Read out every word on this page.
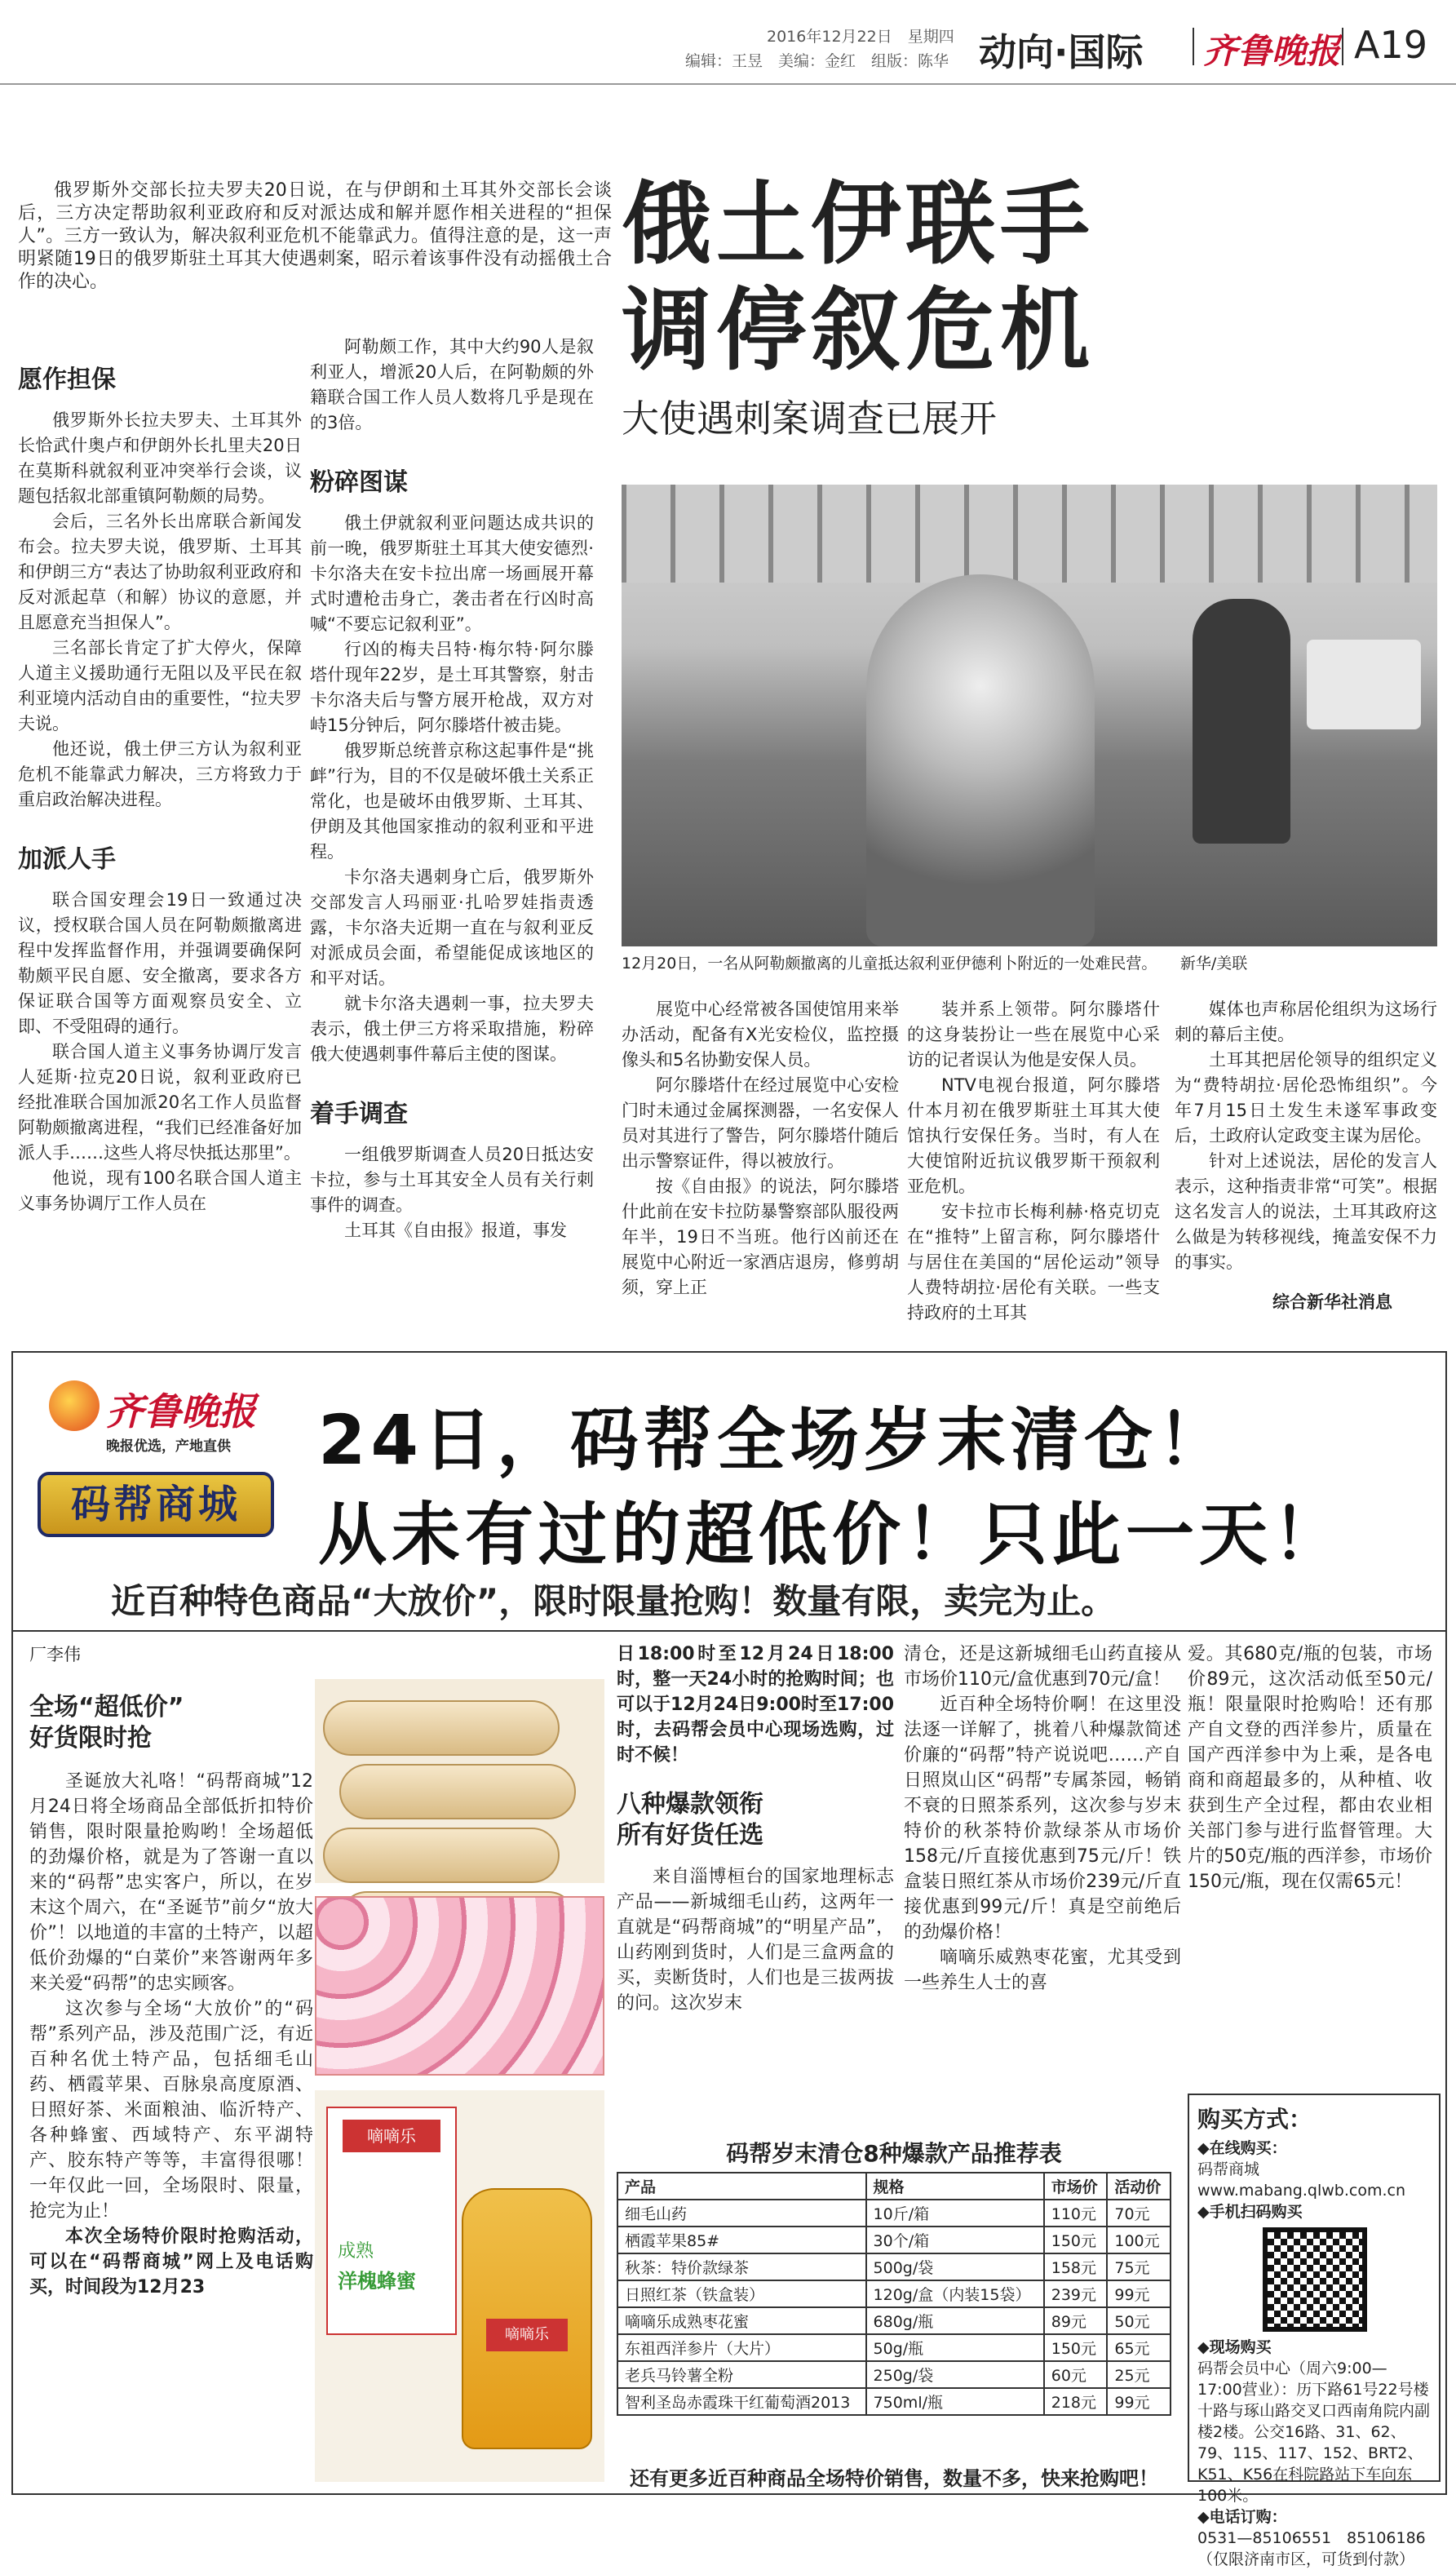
2016年12月22日　星期四
编辑：王昱　美编：金红　组版：陈华 动向·国际 齐鲁晚报 A19

俄罗斯外交部长拉夫罗夫20日说，在与伊朗和土耳其外交部长会谈后，三方决定帮助叙利亚政府和反对派达成和解并愿作相关进程的“担保人”。三方一致认为，解决叙利亚危机不能靠武力。值得注意的是，这一声明紧随19日的俄罗斯驻土耳其大使遇刺案，昭示着该事件没有动摇俄土合作的决心。

俄土伊联手
调停叙危机
大使遇刺案调查已展开
愿作担保

俄罗斯外长拉夫罗夫、土耳其外长恰武什奥卢和伊朗外长扎里夫20日在莫斯科就叙利亚冲突举行会谈，议题包括叙北部重镇阿勒颇的局势。

会后，三名外长出席联合新闻发布会。拉夫罗夫说，俄罗斯、土耳其和伊朗三方“表达了协助叙利亚政府和反对派起草（和解）协议的意愿，并且愿意充当担保人”。

三名部长肯定了扩大停火，保障人道主义援助通行无阻以及平民在叙利亚境内活动自由的重要性，“拉夫罗夫说。

他还说，俄土伊三方认为叙利亚危机不能靠武力解决，三方将致力于重启政治解决进程。

加派人手

联合国安理会19日一致通过决议，授权联合国人员在阿勒颇撤离进程中发挥监督作用，并强调要确保阿勒颇平民自愿、安全撤离，要求各方保证联合国等方面观察员安全、立即、不受阻碍的通行。

联合国人道主义事务协调厅发言人延斯·拉克20日说，叙利亚政府已经批准联合国加派20名工作人员监督阿勒颇撤离进程，“我们已经准备好加派人手……这些人将尽快抵达那里”。

他说，现有100名联合国人道主义事务协调厅工作人员在

阿勒颇工作，其中大约90人是叙利亚人，增派20人后，在阿勒颇的外籍联合国工作人员人数将几乎是现在的3倍。

粉碎图谋

俄土伊就叙利亚问题达成共识的前一晚，俄罗斯驻土耳其大使安德烈·卡尔洛夫在安卡拉出席一场画展开幕式时遭枪击身亡，袭击者在行凶时高喊“不要忘记叙利亚”。

行凶的梅夫吕特·梅尔特·阿尔滕塔什现年22岁，是土耳其警察，射击卡尔洛夫后与警方展开枪战，双方对峙15分钟后，阿尔滕塔什被击毙。

俄罗斯总统普京称这起事件是“挑衅”行为，目的不仅是破坏俄土关系正常化，也是破坏由俄罗斯、土耳其、伊朗及其他国家推动的叙利亚和平进程。

卡尔洛夫遇刺身亡后，俄罗斯外交部发言人玛丽亚·扎哈罗娃指责透露，卡尔洛夫近期一直在与叙利亚反对派成员会面，希望能促成该地区的和平对话。

就卡尔洛夫遇刺一事，拉夫罗夫表示，俄土伊三方将采取措施，粉碎俄大使遇刺事件幕后主使的图谋。

着手调查

一组俄罗斯调查人员20日抵达安卡拉，参与土耳其安全人员有关行刺事件的调查。

土耳其《自由报》报道，事发

12月20日，一名从阿勒颇撤离的儿童抵达叙利亚伊德利卜附近的一处难民营。　　新华/美联

展览中心经常被各国使馆用来举办活动，配备有X光安检仪，监控摄像头和5名协勤安保人员。

阿尔滕塔什在经过展览中心安检门时未通过金属探测器，一名安保人员对其进行了警告，阿尔滕塔什随后出示警察证件，得以被放行。

按《自由报》的说法，阿尔滕塔什此前在安卡拉防暴警察部队服役两年半，19日不当班。他行凶前还在展览中心附近一家酒店退房，修剪胡须，穿上正

装并系上领带。阿尔滕塔什的这身装扮让一些在展览中心采访的记者误认为他是安保人员。

NTV电视台报道，阿尔滕塔什本月初在俄罗斯驻土耳其大使馆执行安保任务。当时，有人在大使馆附近抗议俄罗斯干预叙利亚危机。

安卡拉市长梅利赫·格克切克在“推特”上留言称，阿尔滕塔什与居住在美国的“居伦运动”领导人费特胡拉·居伦有关联。一些支持政府的土耳其

媒体也声称居伦组织为这场行刺的幕后主使。

土耳其把居伦领导的组织定义为“费特胡拉·居伦恐怖组织”。今年7月15日土发生未遂军事政变后，土政府认定政变主谋为居伦。

针对上述说法，居伦的发言人表示，这种指责非常“可笑”。根据这名发言人的说法，土耳其政府这么做是为转移视线，掩盖安保不力的事实。

综合新华社消息
齐鲁晚报
晚报优选，产地直供
码帮商城
24日，码帮全场岁末清仓！
从未有过的超低价！只此一天！
近百种特色商品“大放价”，限时限量抢购！数量有限，卖完为止。
厂李伟
全场“超低价”
好货限时抢

圣诞放大礼咯！“码帮商城”12月24日将全场商品全部低折扣特价销售，限时限量抢购哟！全场超低的劲爆价格，就是为了答谢一直以来的“码帮”忠实客户，所以，在岁末这个周六，在“圣诞节”前夕“放大价”！以地道的丰富的土特产，以超低价劲爆的“白菜价”来答谢两年多来关爱“码帮”的忠实顾客。

这次参与全场“大放价”的“码帮”系列产品，涉及范围广泛，有近百种名优土特产品，包括细毛山药、栖霞苹果、百脉泉高度原酒、日照好茶、米面粮油、临沂特产、各种蜂蜜、西域特产、东平湖特产、胶东特产等等，丰富得很哪！一年仅此一回，全场限时、限量，抢完为止！

本次全场特价限时抢购活动，可以在“码帮商城”网上及电话购买，时间段为12月23

嘀嘀乐
成熟
洋槐蜂蜜
嘀嘀乐

日18:00时至12月24日18:00时，整一天24小时的抢购时间；也可以于12月24日9:00时至17:00时，去码帮会员中心现场选购，过时不候！

八种爆款领衔
所有好货任选

来自淄博桓台的国家地理标志产品——新城细毛山药，这两年一直就是“码帮商城”的“明星产品”，山药刚到货时，人们是三盒两盒的买，卖断货时，人们也是三拔两拔的问。这次岁末

清仓，还是这新城细毛山药直接从市场价110元/盒优惠到70元/盒！

近百种全场特价啊！在这里没法逐一详解了，挑着八种爆款简述价廉的“码帮”特产说说吧……产自日照岚山区“码帮”专属茶园，畅销不衰的日照茶系列，这次参与岁末特价的秋茶特价款绿茶从市场价158元/斤直接优惠到75元/斤！铁盒装日照红茶从市场价239元/斤直接优惠到99元/斤！真是空前绝后的劲爆价格！

嘀嘀乐威熟枣花蜜，尤其受到一些养生人士的喜

爱。其680克/瓶的包装，市场价89元，这次活动低至50元/瓶！限量限时抢购哈！还有那产自文登的西洋参片，质量在国产西洋参中为上乘，是各电商和商超最多的，从种植、收获到生产全过程，都由农业相关部门参与进行监督管理。大片的50克/瓶的西洋参，市场价150元/瓶，现在仅需65元！

码帮岁末清仓8种爆款产品推荐表
产品	规格	市场价	活动价
细毛山药	10斤/箱	110元	70元
栖霞苹果85#	30个/箱	150元	100元
秋茶：特价款绿茶	500g/袋	158元	75元
日照红茶（铁盒装）	120g/盒（内装15袋）	239元	99元
嘀嘀乐成熟枣花蜜	680g/瓶	89元	50元
东祖西洋参片（大片）	50g/瓶	150元	65元
老兵马铃薯全粉	250g/袋	60元	25元
智利圣岛赤霞珠干红葡萄酒2013	750ml/瓶	218元	99元
还有更多近百种商品全场特价销售，数量不多，快来抢购吧！
购买方式：
◆在线购买：
码帮商城
www.mabang.qlwb.com.cn
◆手机扫码购买
◆现场购买
码帮会员中心（周六9:00—17:00营业）：历下路61号22号楼十路与琢山路交叉口西南角院内副楼2楼。公交16路、31、62、79、115、117、152、BRT2、K51、K56在科院路站下车向东100米。
◆电话订购：
0531—85106551　85106186
（仅限济南市区，可货到付款）
